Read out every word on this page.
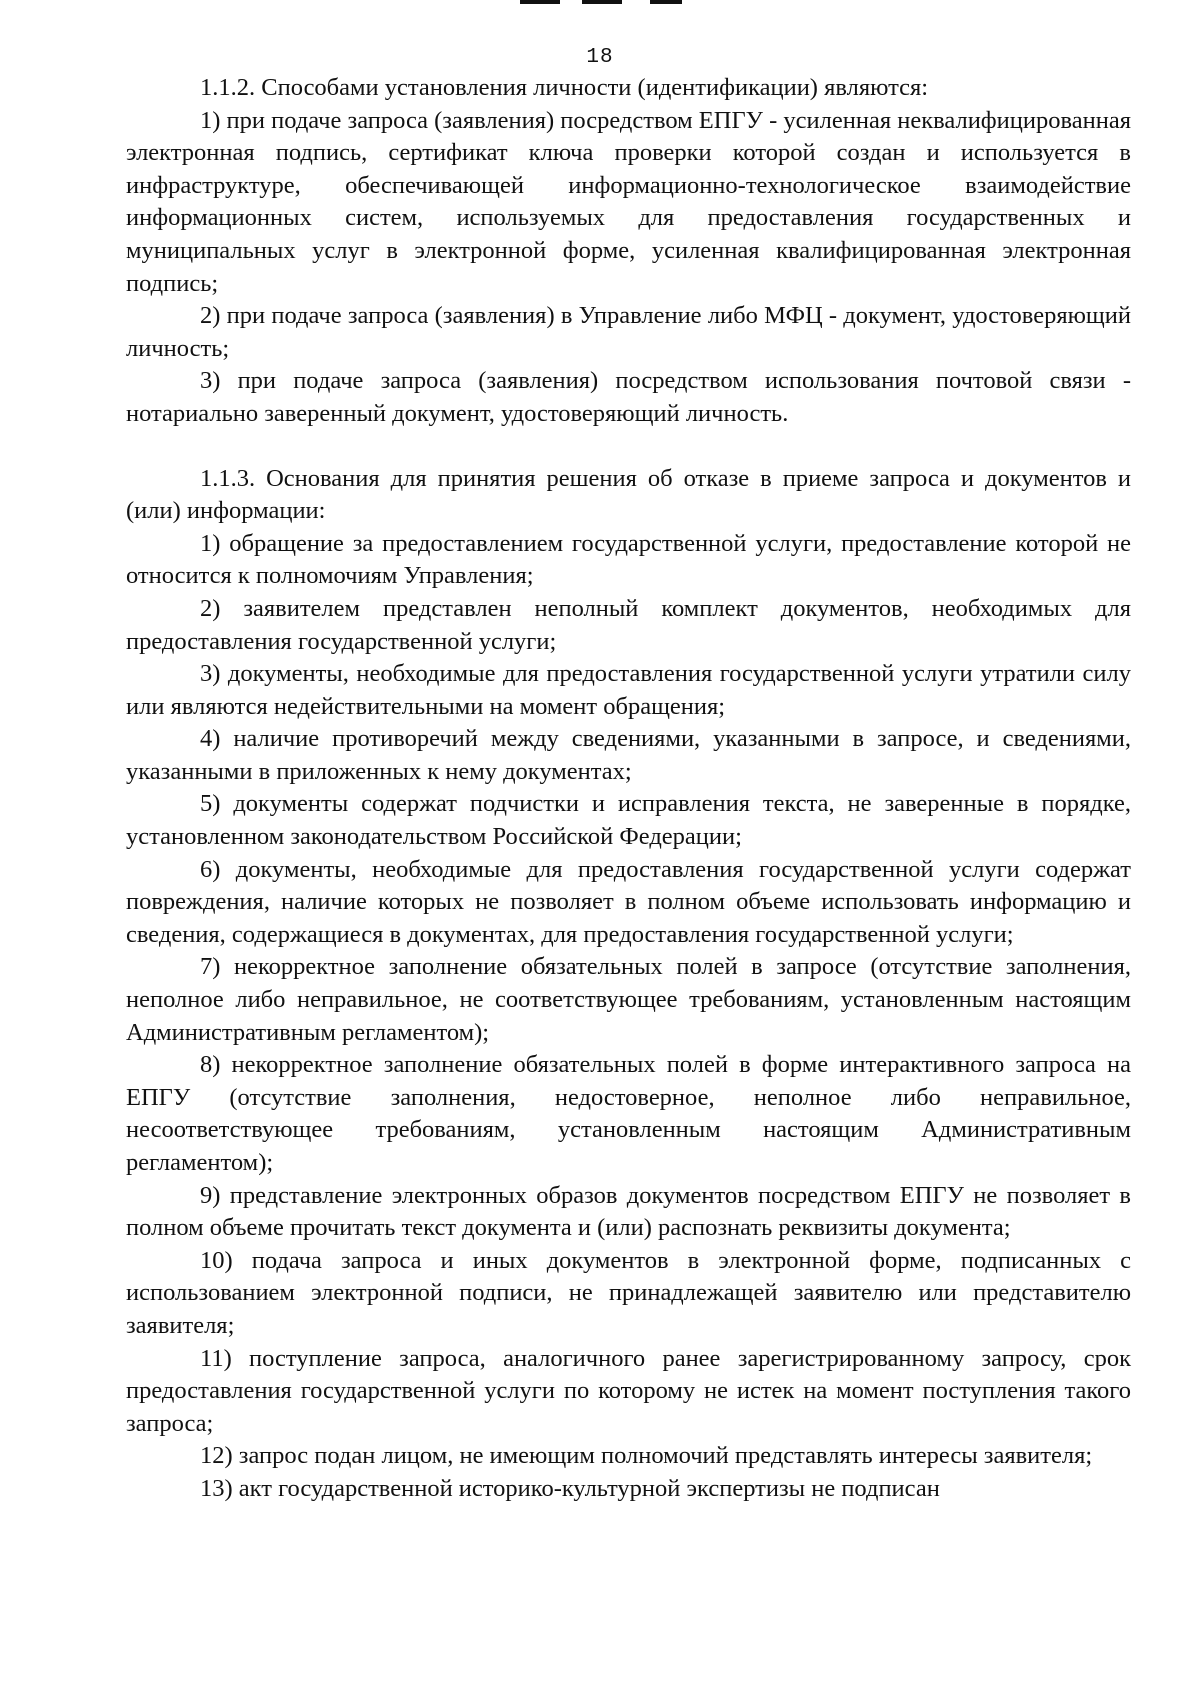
18

1.1.2. Способами установления личности (идентификации) являются:

1) при подаче запроса (заявления) посредством ЕПГУ - усиленная неквалифицированная электронная подпись, сертификат ключа проверки которой создан и используется в инфраструктуре, обеспечивающей информационно-технологическое взаимодействие информационных систем, используемых для предоставления государственных и муниципальных услуг в электронной форме, усиленная квалифицированная электронная подпись;

2) при подаче запроса (заявления) в Управление либо МФЦ - документ, удостоверяющий личность;

3) при подаче запроса (заявления) посредством использования почтовой связи - нотариально заверенный документ, удостоверяющий личность.

1.1.3. Основания для принятия решения об отказе в приеме запроса и документов и (или) информации:

1) обращение за предоставлением государственной услуги, предоставление которой не относится к полномочиям Управления;

2) заявителем представлен неполный комплект документов, необходимых для предоставления государственной услуги;

3) документы, необходимые для предоставления государственной услуги утратили силу или являются недействительными на момент обращения;

4) наличие противоречий между сведениями, указанными в запросе, и сведениями, указанными в приложенных к нему документах;

5) документы содержат подчистки и исправления текста, не заверенные в порядке, установленном законодательством Российской Федерации;

6) документы, необходимые для предоставления государственной услуги содержат повреждения, наличие которых не позволяет в полном объеме использовать информацию и сведения, содержащиеся в документах, для предоставления государственной услуги;

7) некорректное заполнение обязательных полей в запросе (отсутствие заполнения, неполное либо неправильное, не соответствующее требованиям, установленным настоящим Административным регламентом);

8) некорректное заполнение обязательных полей в форме интерактивного запроса на ЕПГУ (отсутствие заполнения, недостоверное, неполное либо неправильное, несоответствующее требованиям, установленным настоящим Административным регламентом);

9) представление электронных образов документов посредством ЕПГУ не позволяет в полном объеме прочитать текст документа и (или) распознать реквизиты документа;

10) подача запроса и иных документов в электронной форме, подписанных с использованием электронной подписи, не принадлежащей заявителю или представителю заявителя;

11) поступление запроса, аналогичного ранее зарегистрированному запросу, срок предоставления государственной услуги по которому не истек на момент поступления такого запроса;

12) запрос подан лицом, не имеющим полномочий представлять интересы заявителя;

13) акт государственной историко-культурной экспертизы не подписан
